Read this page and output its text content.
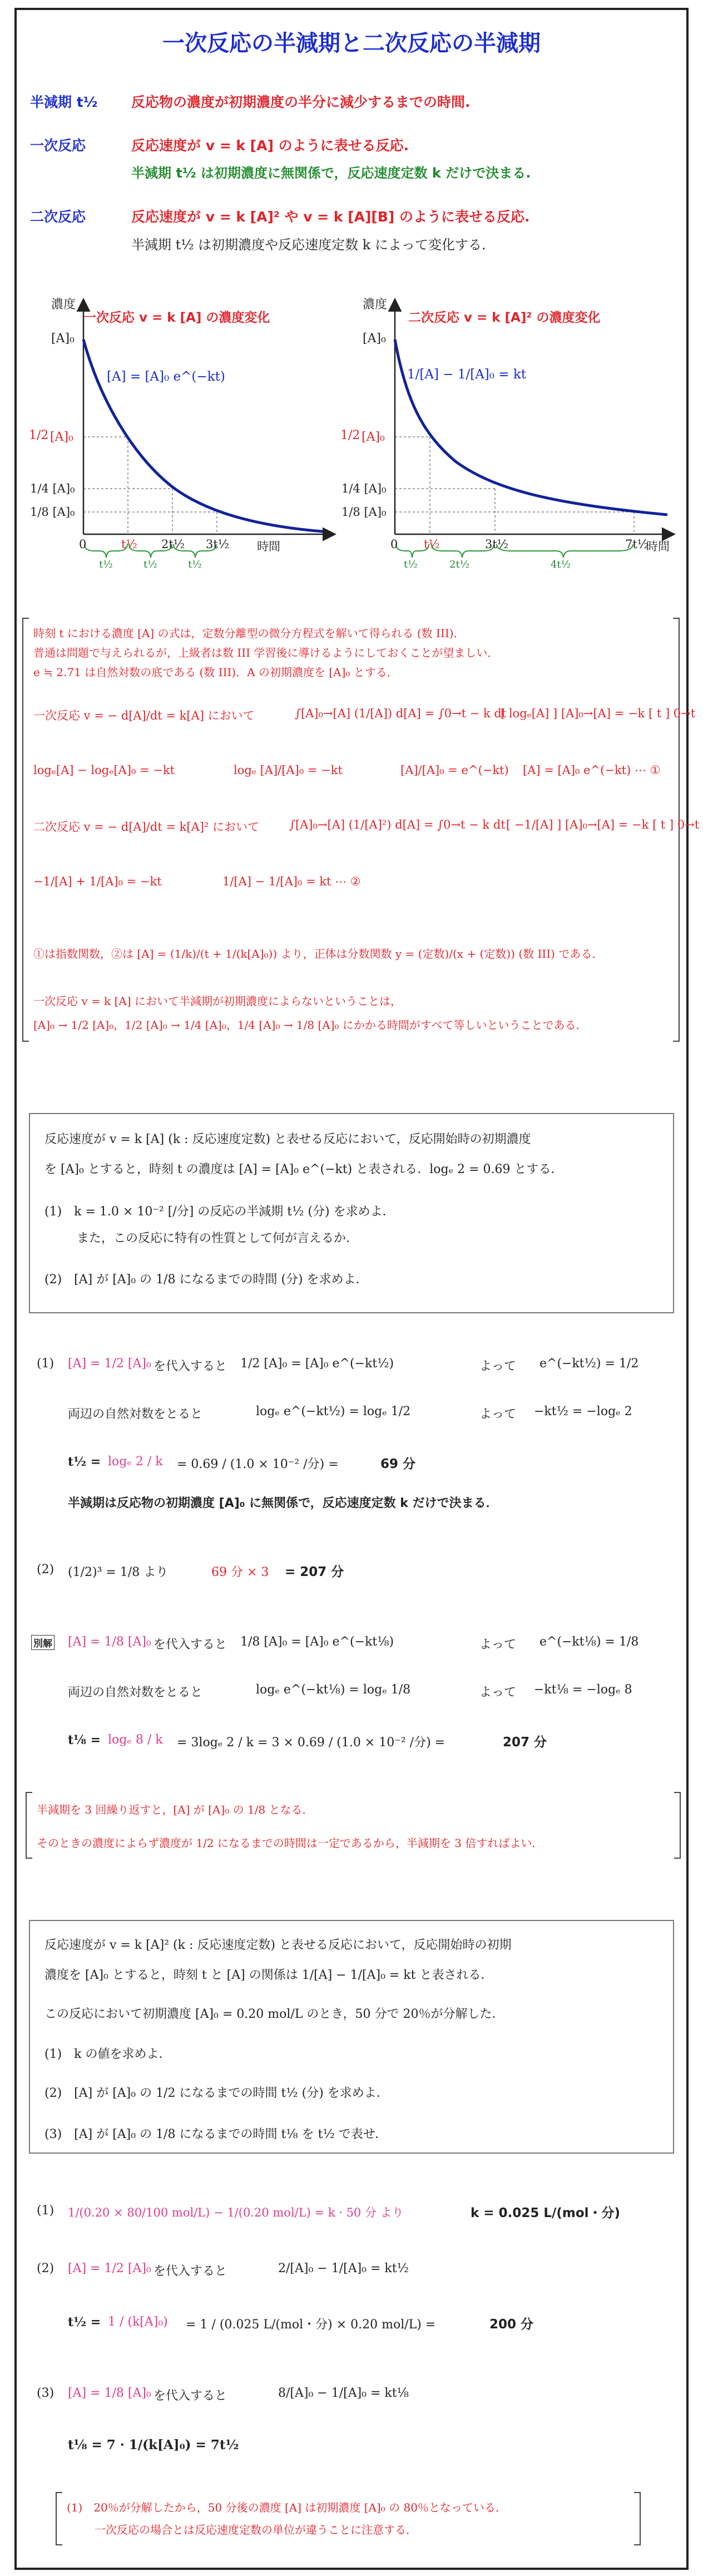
一次反応の半減期と二次反応の半減期
半減期 t½ 反応物の濃度が初期濃度の半分に減少するまでの時間.
一次反応	反応速度が v = k [A] のように表せる反応.
半減期 t½ は初期濃度に無関係で，反応速度定数 k だけで決まる.
二次反応	反応速度が v = k [A]² や v = k [A][B] のように表せる反応.
半減期 t½ は初期濃度や反応速度定数 k によって変化する.
濃度
一次反応 v = k [A] の濃度変化
[A]₀
[A] = [A]₀ e^(−kt)
1/2 [A]₀
1/4 [A]₀
1/8 [A]₀
0	t½ 2t½ 3t½ 時間
t½	t½	t½
濃度
二次反応 v = k [A]² の濃度変化
[A]₀
1/[A] − 1/[A]₀ = kt
1/2 [A]₀
1/4 [A]₀
1/8 [A]₀
0 t½	3t½	7t½
時間
t½	2t½	4t½
時刻 t における濃度 [A] の式は，定数分離型の微分方程式を解いて得られる (数 III)．
普通は問題で与えられるが，上級者は数 III 学習後に導けるようにしておくことが望ましい．
e ≒ 2.71 は自然対数の底である (数 III)．A の初期濃度を [A]₀ とする．
一次反応 v = − d[A]/dt = k[A] において	∫[A]₀→[A] (1/[A]) d[A] = ∫0→t − k dt
[ logₑ[A] ] [A]₀→[A] = −k [ t ] 0→t
logₑ[A] − logₑ[A]₀ = −kt	logₑ [A]/[A]₀ = −kt	[A]/[A]₀ = e^(−kt) [A] = [A]₀ e^(−kt) ⋯ ①
二次反応 v = − d[A]/dt = k[A]² において	∫[A]₀→[A] (1/[A]²) d[A] = ∫0→t − k dt [ −1/[A] ] [A]₀→[A] = −k [ t ] 0→t
−1/[A] + 1/[A]₀ = −kt	1/[A] − 1/[A]₀ = kt ⋯ ②
①は指数関数，②は [A] = (1/k)/(t + 1/(k[A]₀)) より，正体は分数関数 y = (定数)/(x + (定数)) (数 III) である．
一次反応 v = k [A] において半減期が初期濃度によらないということは，
[A]₀ → 1/2 [A]₀，1/2 [A]₀ → 1/4 [A]₀，1/4 [A]₀ → 1/8 [A]₀ にかかる時間がすべて等しいということである．
反応速度が v = k [A] (k : 反応速度定数) と表せる反応において，反応開始時の初期濃度
を [A]₀ とすると，時刻 t の濃度は [A] = [A]₀ e^(−kt) と表される．logₑ 2 = 0.69 とする．
(1)　k = 1.0 × 10⁻² [/分] の反応の半減期 t½ (分) を求めよ．
また，この反応に特有の性質として何が言えるか．
(2)　[A] が [A]₀ の 1/8 になるまでの時間 (分) を求めよ．
(1) [A] = 1/2 [A]₀ を代入すると 1/2 [A]₀ = [A]₀ e^(−kt½)	よって e^(−kt½) = 1/2
両辺の自然対数をとると	logₑ e^(−kt½) = logₑ 1/2	よって −kt½ = −logₑ 2
t½ = logₑ 2 / k = 0.69 / (1.0 × 10⁻² /分) =	69 分
半減期は反応物の初期濃度 [A]₀ に無関係で，反応速度定数 k だけで決まる．
(2) (1/2)³ = 1/8 より	69 分 × 3 = 207 分
別解 [A] = 1/8 [A]₀ を代入すると 1/8 [A]₀ = [A]₀ e^(−kt⅛)	よって e^(−kt⅛) = 1/8
両辺の自然対数をとると	logₑ e^(−kt⅛) = logₑ 1/8	よって −kt⅛ = −logₑ 8
t⅛ = logₑ 8 / k = 3logₑ 2 / k = 3 × 0.69 / (1.0 × 10⁻² /分) =	207 分
半減期を 3 回繰り返すと，[A] が [A]₀ の 1/8 となる．
そのときの濃度によらず濃度が 1/2 になるまでの時間は一定であるから，半減期を 3 倍すればよい．
反応速度が v = k [A]² (k : 反応速度定数) と表せる反応において，反応開始時の初期
濃度を [A]₀ とすると，時刻 t と [A] の関係は 1/[A] − 1/[A]₀ = kt と表される．
この反応において初期濃度 [A]₀ = 0.20 mol/L のとき，50 分で 20％が分解した．
(1)　k の値を求めよ．
(2)　[A] が [A]₀ の 1/2 になるまでの時間 t½ (分) を求めよ．
(3)　[A] が [A]₀ の 1/8 になるまでの時間 t⅛ を t½ で表せ．
(1) 1/(0.20 × 80/100 mol/L) − 1/(0.20 mol/L) = k · 50 分 より	k = 0.025 L/(mol・分)
(2) [A] = 1/2 [A]₀ を代入すると	2/[A]₀ − 1/[A]₀ = kt½
t½ = 1 / (k[A]₀) = 1 / (0.025 L/(mol・分) × 0.20 mol/L) =	200 分
(3) [A] = 1/8 [A]₀ を代入すると	8/[A]₀ − 1/[A]₀ = kt⅛
t⅛ = 7 · 1/(k[A]₀) = 7t½
(1)　20％が分解したから，50 分後の濃度 [A] は初期濃度 [A]₀ の 80％となっている．
一次反応の場合とは反応速度定数の単位が違うことに注意する．
